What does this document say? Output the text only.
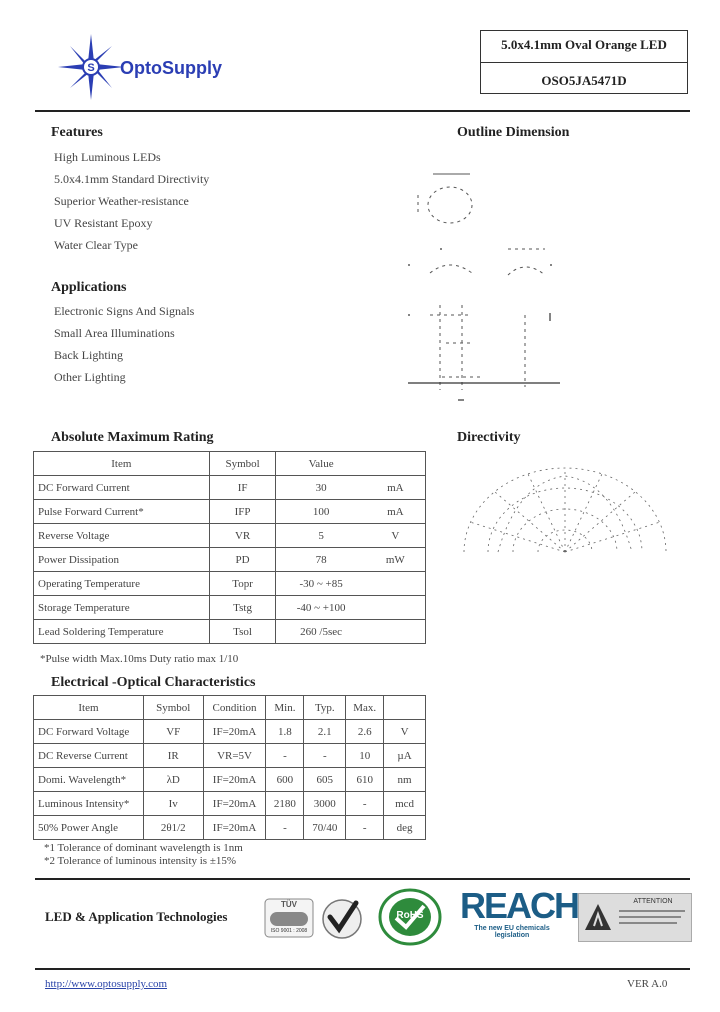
S OptoSupply
5.0x4.1mm Oval Orange LED
OSO5JA5471D
Features
High Luminous LEDs
5.0x4.1mm Standard Directivity
Superior Weather-resistance
UV Resistant Epoxy
Water Clear Type
Applications
Electronic Signs And Signals
Small Area Illuminations
Back Lighting
Other Lighting
Outline Dimension
Absolute Maximum Rating
Item	Symbol	Value	
DC Forward Current	IF	30	mA
Pulse Forward Current*	IFP	100	mA
Reverse Voltage	VR	5	V
Power Dissipation	PD	78	mW
Operating Temperature	Topr	-30 ~ +85	
Storage Temperature	Tstg	-40 ~ +100	
Lead Soldering Temperature	Tsol	260 /5sec	
*Pulse width Max.10ms Duty ratio max 1/10
Directivity
Electrical -Optical Characteristics
Item	Symbol	Condition	Min.	Typ.	Max.	
DC Forward Voltage	VF	IF=20mA	1.8	2.1	2.6	V
DC Reverse Current	IR	VR=5V	-	-	10	µA
Domi. Wavelength*	λD	IF=20mA	600	605	610	nm
Luminous Intensity*	Iv	IF=20mA	2180	3000	-	mcd
50% Power Angle	2θ1/2	IF=20mA	-	70/40	-	deg
*1 Tolerance of dominant wavelength is 1nm
*2 Tolerance of luminous intensity is ±15%
LED & Application Technologies
TÜV
ISO 9001 : 2008
RoHS	REACH
The new EU chemicals legislation
ATTENTION
http://www.optosupply.com	VER A.0
